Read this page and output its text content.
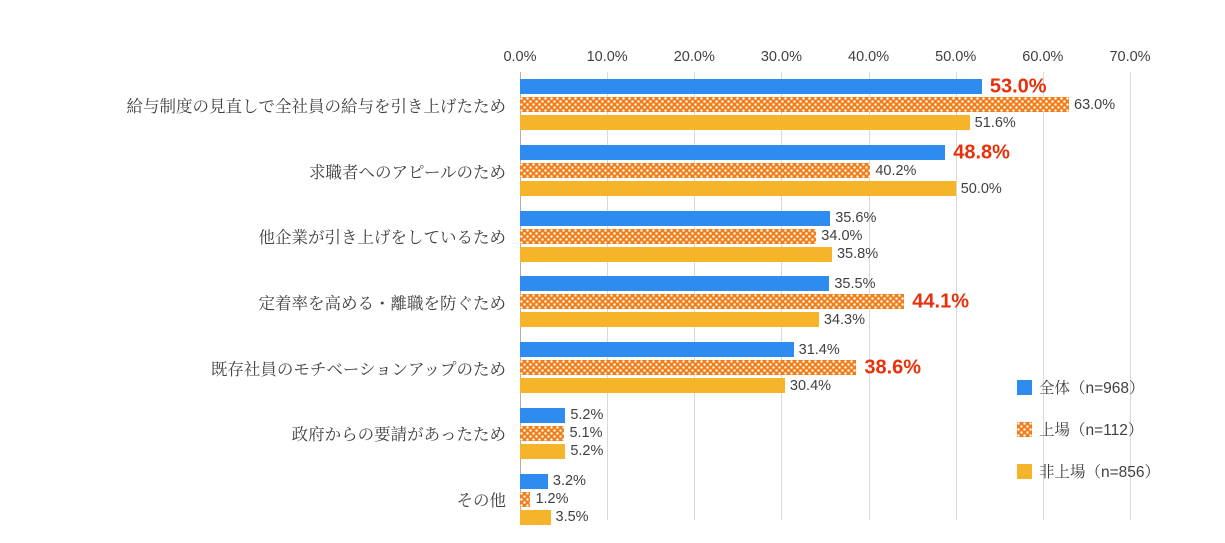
0.0%	10.0%	20.0%	30.0%	40.0%	50.0%	60.0%	70.0%
給与制度の見直しで全社員の給与を引き上げたため
53.0%
63.0%
51.6%
求職者へのアピールのため
48.8%
40.2%
50.0%
他企業が引き上げをしているため
35.6%
34.0%
35.8%
定着率を高める・離職を防ぐため
35.5%
44.1%
34.3%
既存社員のモチベーションアップのため
31.4%
38.6%
30.4%
政府からの要請があったため
5.2%
5.1%
5.2%
その他
3.2%
1.2%
3.5%
全体（n=968）
上場（n=112）
非上場（n=856）
